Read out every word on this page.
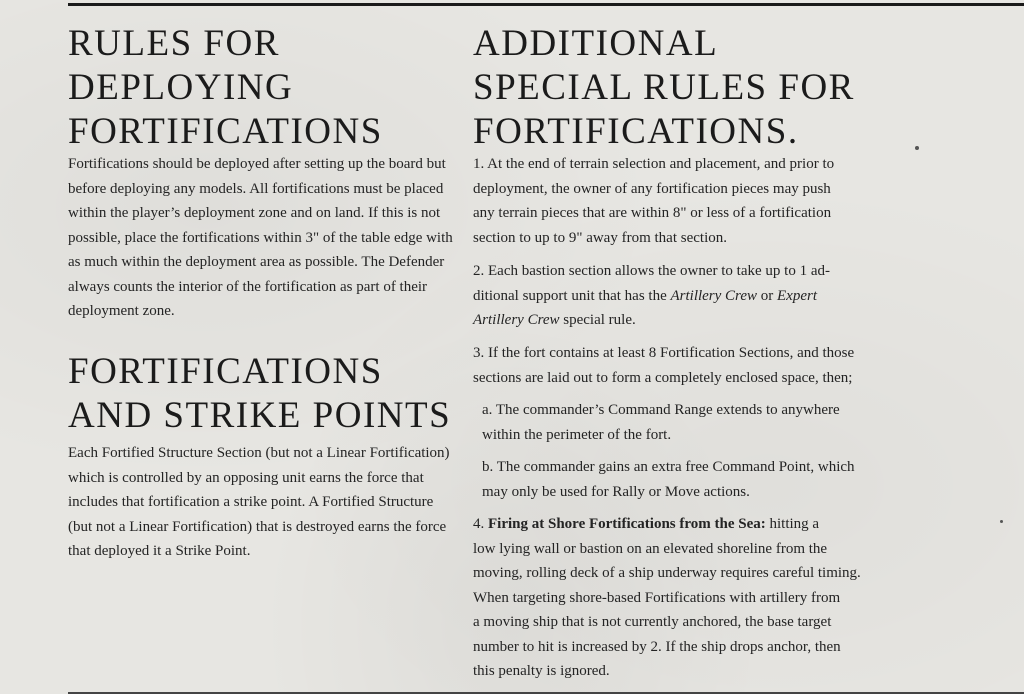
RULES FOR
DEPLOYING
FORTIFICATIONS

Fortifications should be deployed after setting up the board but
before deploying any models. All fortifications must be placed
within the player’s deployment zone and on land. If this is not
possible, place the fortifications within 3" of the table edge with
as much within the deployment area as possible. The Defender
always counts the interior of the fortification as part of their
deployment zone.

FORTIFICATIONS
AND STRIKE POINTS

Each Fortified Structure Section (but not a Linear Fortification)
which is controlled by an opposing unit earns the force that
includes that fortification a strike point. A Fortified Structure
(but not a Linear Fortification) that is destroyed earns the force
that deployed it a Strike Point.

ADDITIONAL
SPECIAL RULES FOR
FORTIFICATIONS.

1. At the end of terrain selection and placement, and prior to
deployment, the owner of any fortification pieces may push
any terrain pieces that are within 8" or less of a fortification
section to up to 9" away from that section.

2. Each bastion section allows the owner to take up to 1 ad-
ditional support unit that has the Artillery Crew or Expert
Artillery Crew special rule.

3. If the fort contains at least 8 Fortification Sections, and those
sections are laid out to form a completely enclosed space, then;

a. The commander’s Command Range extends to anywhere
within the perimeter of the fort.

b. The commander gains an extra free Command Point, which
may only be used for Rally or Move actions.

4. Firing at Shore Fortifications from the Sea: hitting a
low lying wall or bastion on an elevated shoreline from the
moving, rolling deck of a ship underway requires careful timing.
When targeting shore-based Fortifications with artillery from
a moving ship that is not currently anchored, the base target
number to hit is increased by 2. If the ship drops anchor, then
this penalty is ignored.
